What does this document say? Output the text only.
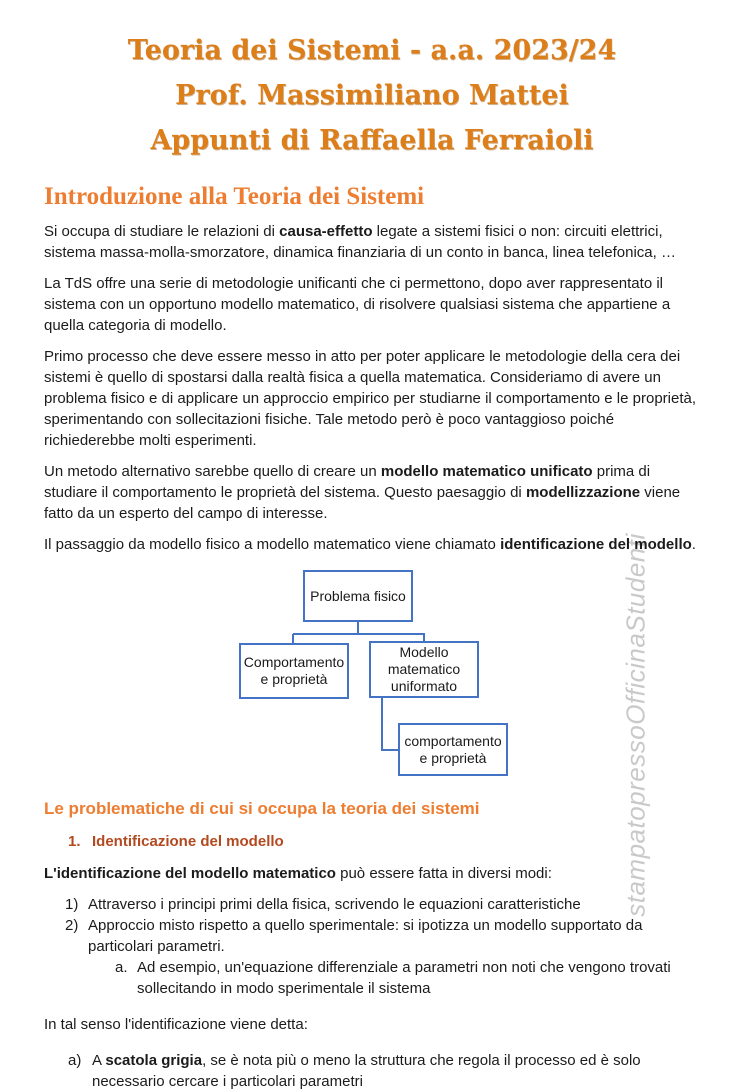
stampatopressoOfficinaStudenti
Teoria dei Sistemi - a.a. 2023/24
Prof. Massimiliano Mattei
Appunti di Raffaella Ferraioli
Introduzione alla Teoria dei Sistemi

Si occupa di studiare le relazioni di causa-effetto legate a sistemi fisici o non: circuiti elettrici, sistema massa-molla-smorzatore, dinamica finanziaria di un conto in banca, linea telefonica, …

La TdS offre una serie di metodologie unificanti che ci permettono, dopo aver rappresentato il sistema con un opportuno modello matematico, di risolvere qualsiasi sistema che appartiene a quella categoria di modello.

Primo processo che deve essere messo in atto per poter applicare le metodologie della cera dei sistemi è quello di spostarsi dalla realtà fisica a quella matematica. Consideriamo di avere un problema fisico e di applicare un approccio empirico per studiarne il comportamento e le proprietà, sperimentando con sollecitazioni fisiche. Tale metodo però è poco vantaggioso poiché richiederebbe molti esperimenti.

Un metodo alternativo sarebbe quello di creare un modello matematico unificato prima di studiare il comportamento le proprietà del sistema. Questo paesaggio di modellizzazione viene fatto da un esperto del campo di interesse.

Il passaggio da modello fisico a modello matematico viene chiamato identificazione del modello.

Problema fisico
Comportamento e proprietà
Modello matematico uniformato
comportamento e proprietà
Le problematiche di cui si occupa la teoria dei sistemi
1. Identificazione del modello

L'identificazione del modello matematico può essere fatta in diversi modi:

1) Attraverso i principi primi della fisica, scrivendo le equazioni caratteristiche
2) Approccio misto rispetto a quello sperimentale: si ipotizza un modello supportato da particolari parametri.
a. Ad esempio, un'equazione differenziale a parametri non noti che vengono trovati sollecitando in modo sperimentale il sistema

In tal senso l'identificazione viene detta:

a) A scatola grigia, se è nota più o meno la struttura che regola il processo ed è solo necessario cercare i particolari parametri
